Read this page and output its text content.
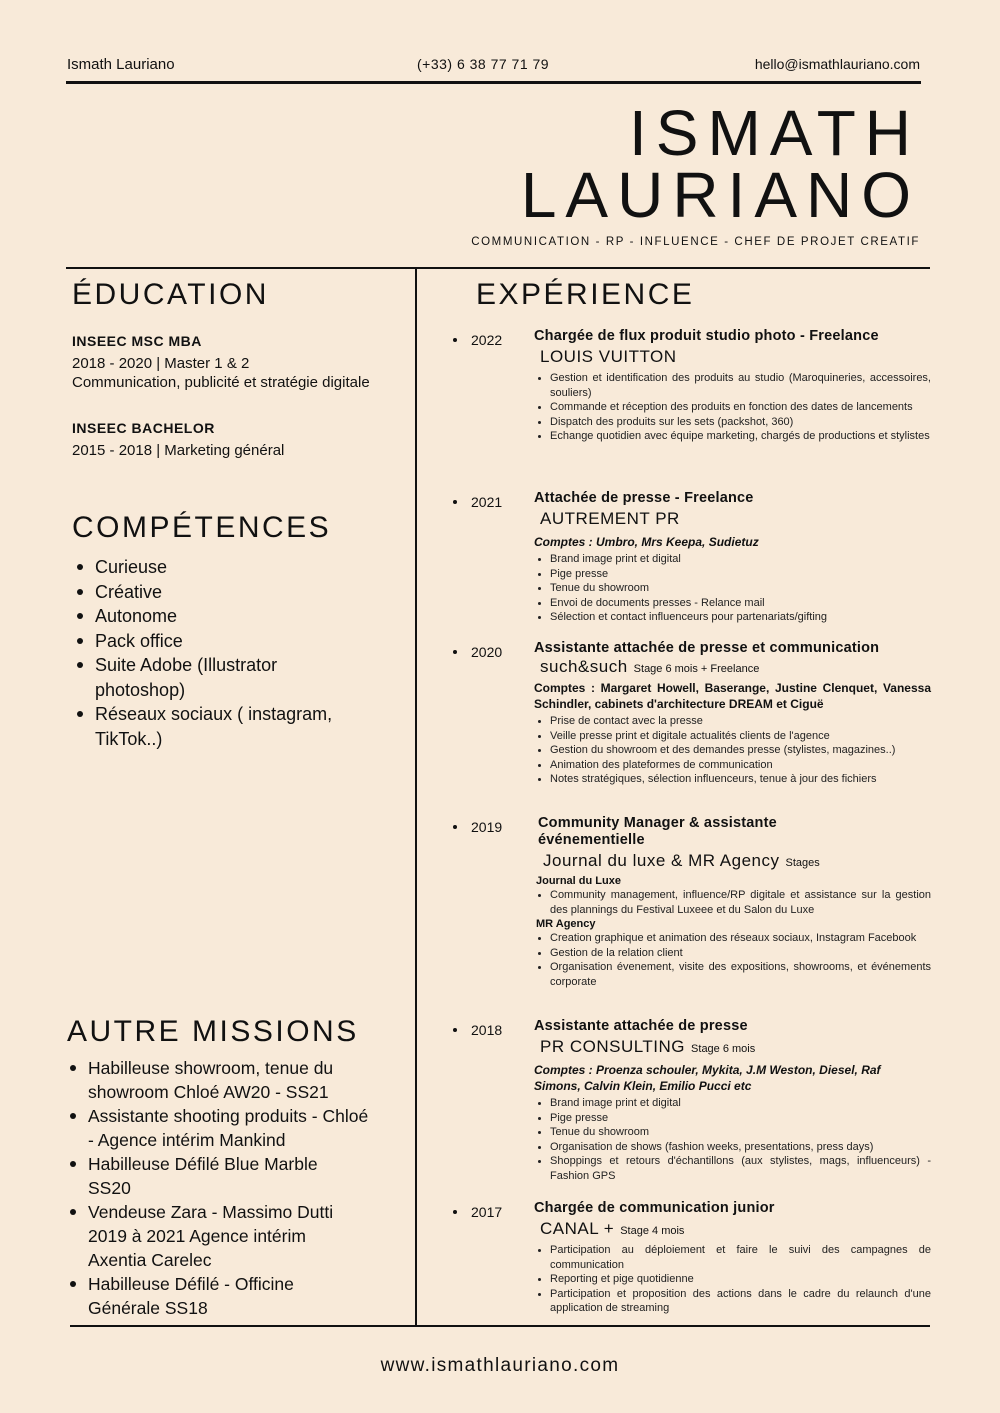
Ismath Lauriano	(+33) 6 38 77 71 79	hello@ismathlauriano.com
ISMATH
LAURIANO
COMMUNICATION - RP - INFLUENCE - CHEF DE PROJET CREATIF
ÉDUCATION
INSEEC MSC MBA
2018 - 2020 | Master 1 & 2
Communication, publicité et stratégie digitale
INSEEC BACHELOR
2015 - 2018 | Marketing général
COMPÉTENCES
Curieuse
Créative
Autonome
Pack office
Suite Adobe (Illustrator photoshop)
Réseaux sociaux ( instagram, TikTok..)
AUTRE MISSIONS
Habilleuse showroom, tenue du showroom Chloé AW20 - SS21
Assistante shooting produits - Chloé - Agence intérim Mankind
Habilleuse Défilé Blue Marble SS20
Vendeuse Zara - Massimo Dutti 2019 à 2021 Agence intérim Axentia Carelec
Habilleuse Défilé - Officine Générale SS18
EXPÉRIENCE
2022 Chargée de flux produit studio photo - Freelance
LOUIS VUITTON
Gestion et identification des produits au studio (Maroquineries, accessoires, souliers)
Commande et réception des produits en fonction des dates de lancements
Dispatch des produits sur les sets (packshot, 360)
Echange quotidien avec équipe marketing, chargés de productions et stylistes
2021 Attachée de presse - Freelance
AUTREMENT PR
Comptes : Umbro, Mrs Keepa, Sudietuz
Brand image print et digital
Pige presse
Tenue du showroom
Envoi de documents presses - Relance mail
Sélection et contact influenceurs pour partenariats/gifting
2020 Assistante attachée de presse et communication
such&such Stage 6 mois + Freelance
Comptes : Margaret Howell, Baserange, Justine Clenquet, Vanessa Schindler, cabinets d'architecture DREAM et Ciguë
Prise de contact avec la presse
Veille presse print et digitale actualités clients de l'agence
Gestion du showroom et des demandes presse (stylistes, magazines..)
Animation des plateformes de communication
Notes stratégiques, sélection influenceurs, tenue à jour des fichiers
2019 Community Manager & assistante événementielle
Journal du luxe & MR Agency Stages
Journal du Luxe
Community management, influence/RP digitale et assistance sur la gestion des plannings du Festival Luxeee et du Salon du Luxe
MR Agency
Creation graphique et animation des réseaux sociaux, Instagram Facebook
Gestion de la relation client
Organisation évenement, visite des expositions, showrooms, et événements corporate
2018 Assistante attachée de presse
PR CONSULTING Stage 6 mois
Comptes : Proenza schouler, Mykita, J.M Weston, Diesel, Raf Simons, Calvin Klein, Emilio Pucci etc
Brand image print et digital
Pige presse
Tenue du showroom
Organisation de shows (fashion weeks, presentations, press days)
Shoppings et retours d'échantillons (aux stylistes, mags, influenceurs) - Fashion GPS
2017 Chargée de communication junior
CANAL + Stage 4 mois
Participation au déploiement et faire le suivi des campagnes de communication
Reporting et pige quotidienne
Participation et proposition des actions dans le cadre du relaunch d'une application de streaming
www.ismathlauriano.com
